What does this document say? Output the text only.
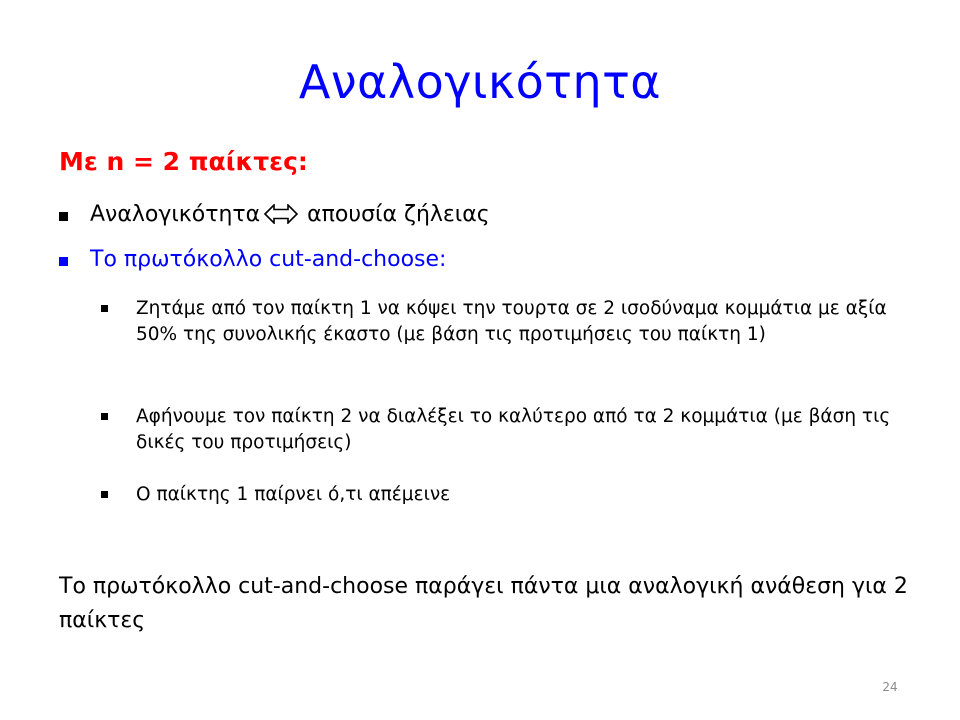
Αναλογικότητα
Με n = 2 παίκτες:
Αναλογικότητα απουσία ζήλειας
Το πρωτόκολλο cut-and-choose:
Ζητάμε από τον παίκτη 1 να κόψει την τουρτα σε 2 ισοδύναμα κομμάτια με αξία 50% της συνολικής έκαστο (με βάση τις προτιμήσεις του παίκτη 1)
Αφήνουμε τον παίκτη 2 να διαλέξει το καλύτερο από τα 2 κομμάτια (με βάση τις δικές του προτιμήσεις)
Ο παίκτης 1 παίρνει ό,τι απέμεινε
Το πρωτόκολλο cut-and-choose παράγει πάντα μια αναλογική ανάθεση για 2 παίκτες
24
